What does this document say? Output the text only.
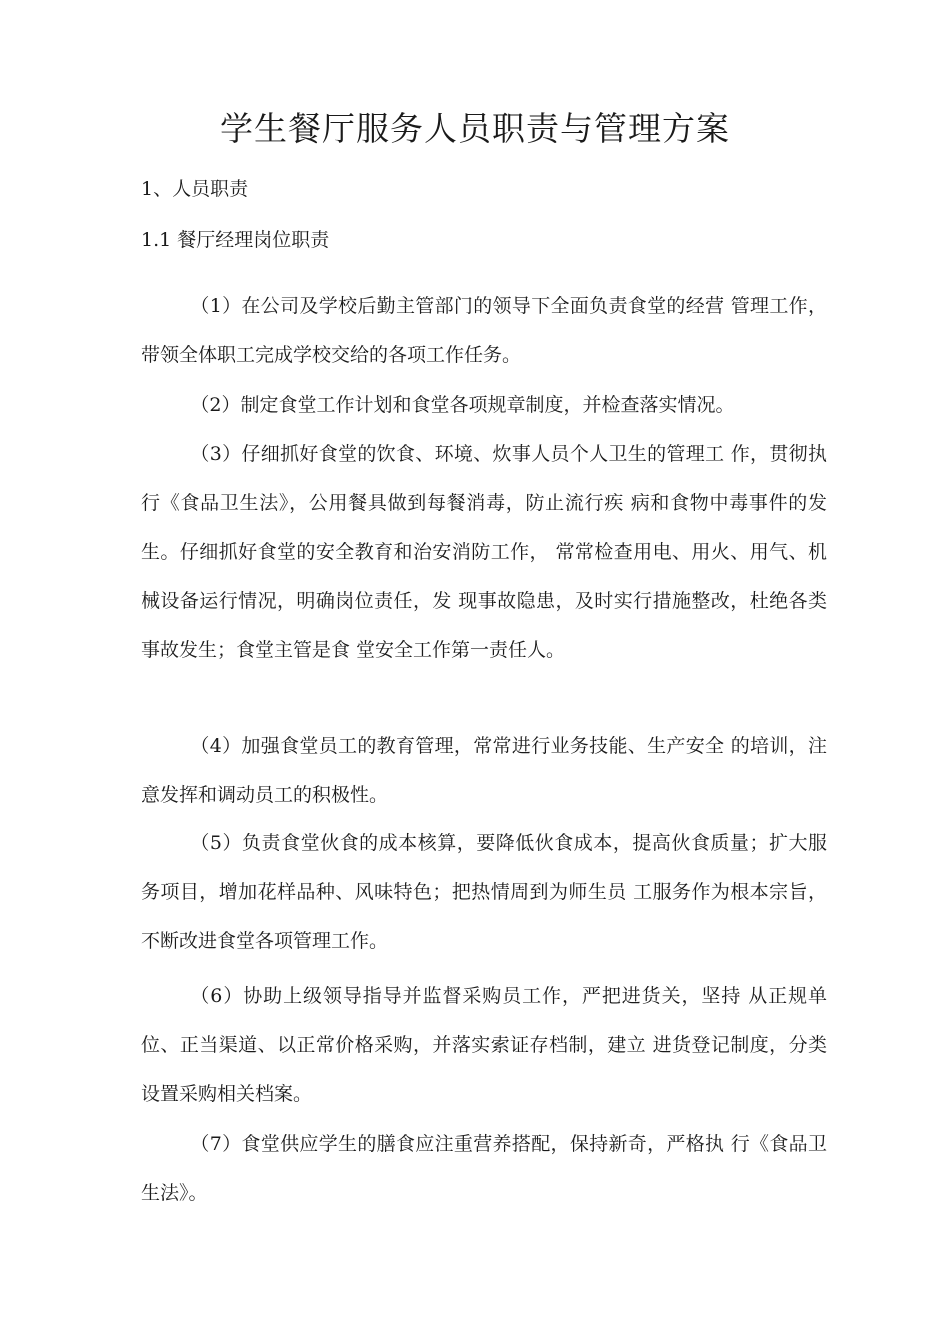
学生餐厅服务人员职责与管理方案
1、人员职责
1.1 餐厅经理岗位职责

（1）在公司及学校后勤主管部门的领导下全面负责食堂的经营 管理工作，带领全体职工完成学校交给的各项工作任务。

（2）制定食堂工作计划和食堂各项规章制度，并检查落实情况。

（3）仔细抓好食堂的饮食、环境、炊事人员个人卫生的管理工 作，贯彻执行《食品卫生法》，公用餐具做到每餐消毒，防止流行疾 病和食物中毒事件的发生。仔细抓好食堂的安全教育和治安消防工作， 常常检查用电、用火、用气、机械设备运行情况，明确岗位责任，发 现事故隐患，及时实行措施整改，杜绝各类事故发生；食堂主管是食 堂安全工作第一责任人。

（4）加强食堂员工的教育管理，常常进行业务技能、生产安全 的培训，注意发挥和调动员工的积极性。

（5）负责食堂伙食的成本核算，要降低伙食成本，提高伙食质量；扩大服务项目，增加花样品种、风味特色；把热情周到为师生员 工服务作为根本宗旨，不断改进食堂各项管理工作。

（6）协助上级领导指导并监督采购员工作，严把进货关，坚持 从正规单位、正当渠道、以正常价格采购，并落实索证存档制，建立 进货登记制度，分类设置采购相关档案。

（7）食堂供应学生的膳食应注重营养搭配，保持新奇，严格执 行《食品卫生法》。
